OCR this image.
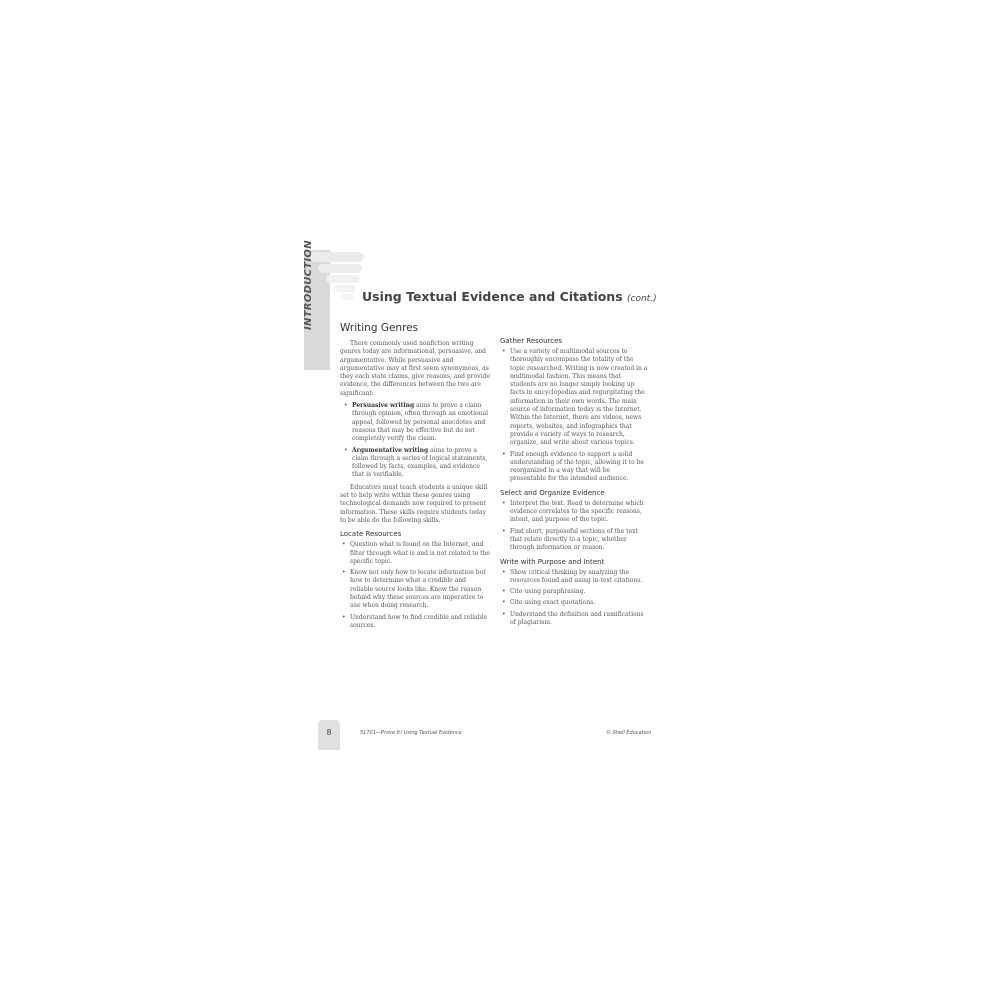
INTRODUCTION	Using Textual Evidence and Citations (cont.)
Writing Genres

There commonly used nonfiction writing genres today are informational, persuasive, and argumentative. While persuasive and argumentative may at first seem synonymous, as they each state claims, give reasons, and provide evidence, the differences between the two are significant:

• Persuasive writing aims to prove a claim through opinion, often through an emotional appeal, followed by personal anecdotes and reasons that may be effective but do not completely verify the claim.
• Argumentative writing aims to prove a claim through a series of logical statements, followed by facts, examples, and evidence that is verifiable.

Educators must teach students a unique skill set to help write within these genres using technological demands now required to present information. These skills require students today to be able do the following skills.

Locate Resources
• Question what is found on the Internet, and filter through what is and is not related to the specific topic.
• Know not only how to locate information but how to determine what a credible and reliable source looks like. Know the reason behind why these sources are imperative to use when doing research.
• Understand how to find credible and reliable sources.
Gather Resources
• Use a variety of multimodal sources to thoroughly encompass the totality of the topic researched. Writing is now created in a multimodal fashion. This means that students are no longer simply looking up facts in encyclopedias and regurgitating the information in their own words. The main source of information today is the Internet. Within the Internet, there are videos, news reports, websites, and infographics that provide a variety of ways to research, organize, and write about various topics.
• Find enough evidence to support a solid understanding of the topic, allowing it to be reorganized in a way that will be presentable for the intended audience.
Select and Organize Evidence
• Interpret the text. Read to determine which evidence correlates to the specific reasons, intent, and purpose of the topic.
• Find short, purposeful sections of the text that relate directly to a topic, whether through information or reason.
Write with Purpose and Intent
• Show critical thinking by analyzing the resources found and using in-text citations.
• Cite using paraphrasing.
• Cite using exact quotations.
• Understand the definition and ramifications of plagiarism.
8	51701—Prove It! Using Textual Evidence	© Shell Education
